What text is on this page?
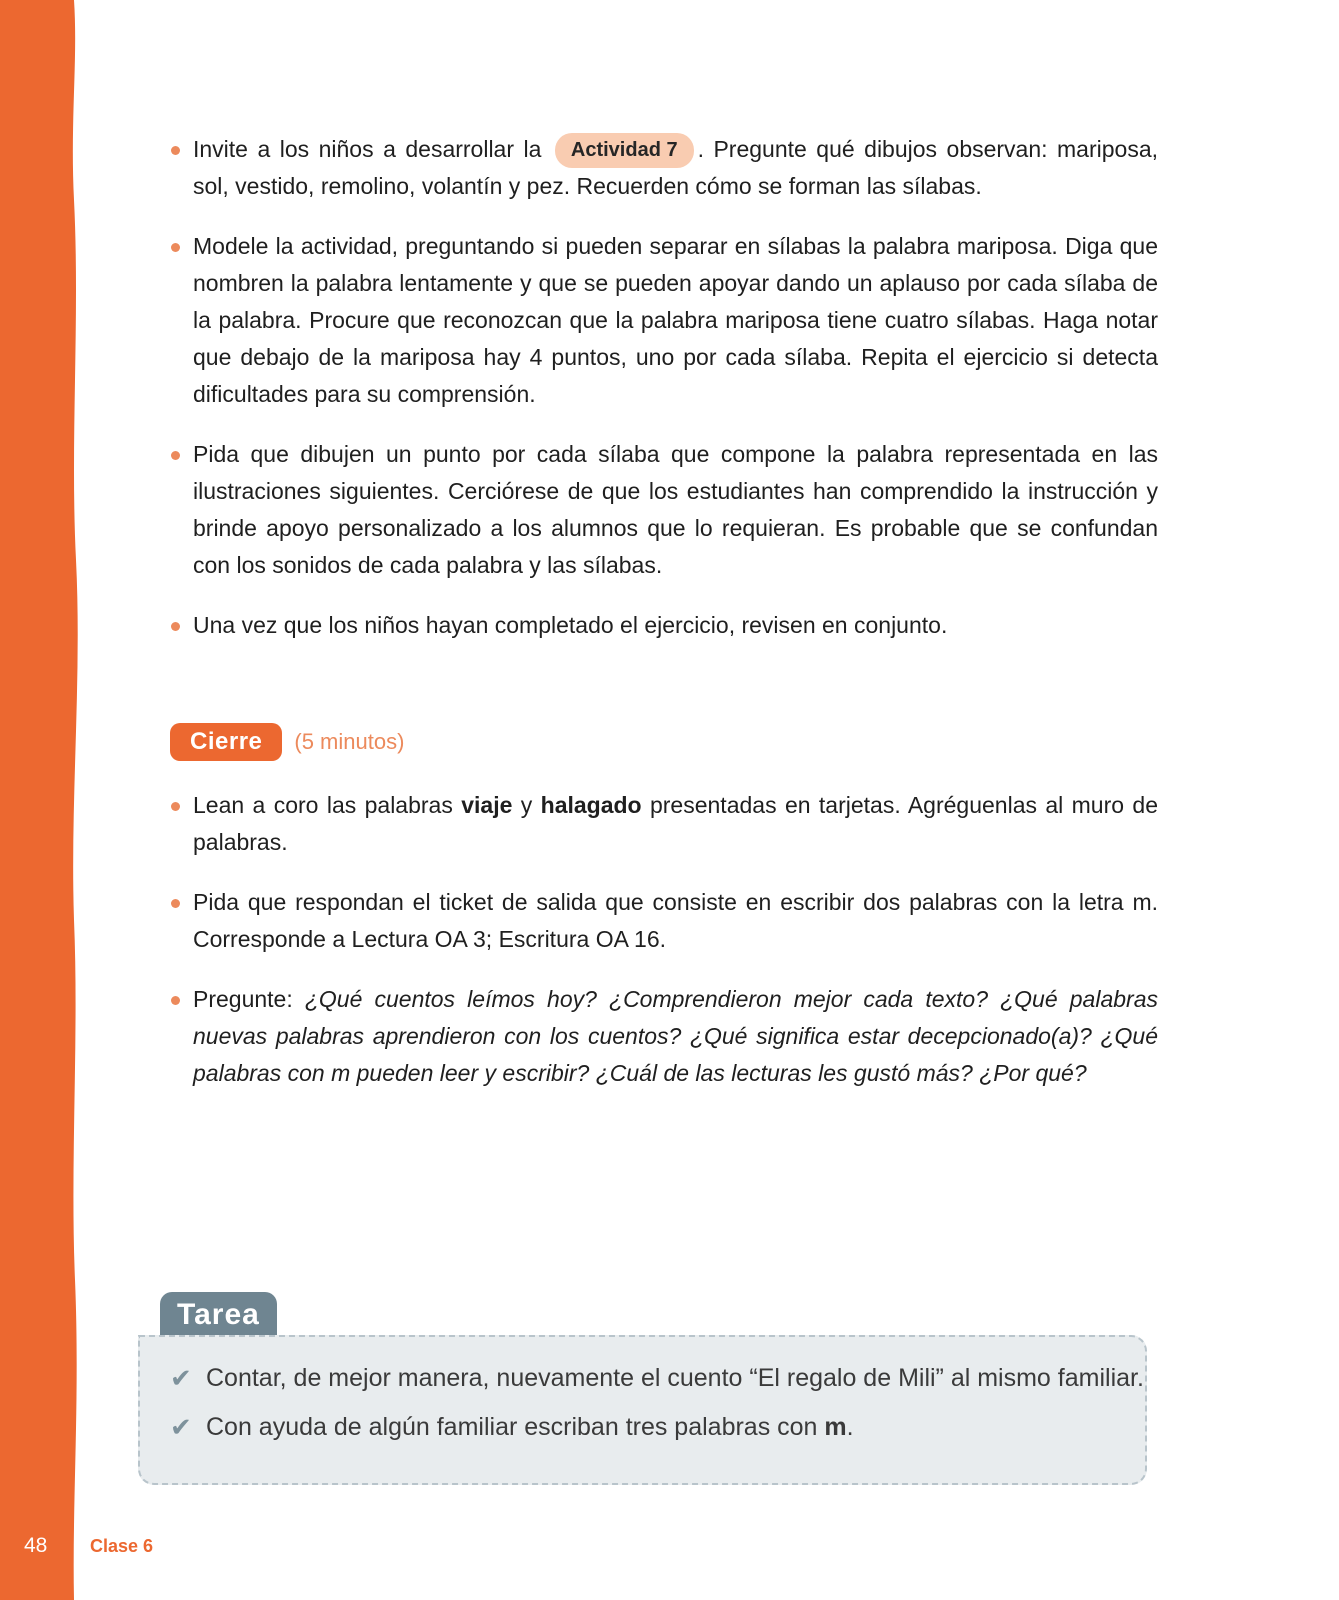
Invite a los niños a desarrollar la Actividad 7 . Pregunte qué dibujos observan: mariposa, sol, vestido, remolino, volantín y pez. Recuerden cómo se forman las sílabas.
Modele la actividad, preguntando si pueden separar en sílabas la palabra mariposa. Diga que nombren la palabra lentamente y que se pueden apoyar dando un aplauso por cada sílaba de la palabra. Procure que reconozcan que la palabra mariposa tiene cuatro sílabas. Haga notar que debajo de la mariposa hay 4 puntos, uno por cada sílaba. Repita el ejercicio si detecta dificultades para su comprensión.
Pida que dibujen un punto por cada sílaba que compone la palabra representada en las ilustraciones siguientes. Cerciórese de que los estudiantes han comprendido la instrucción y brinde apoyo personalizado a los alumnos que lo requieran. Es probable que se confundan con los sonidos de cada palabra y las sílabas.
Una vez que los niños hayan completado el ejercicio, revisen en conjunto.
Cierre	(5 minutos)
Lean a coro las palabras viaje y halagado presentadas en tarjetas. Agréguenlas al muro de palabras.
Pida que respondan el ticket de salida que consiste en escribir dos palabras con la letra m. Corresponde a Lectura OA 3; Escritura OA 16.
Pregunte: ¿Qué cuentos leímos hoy? ¿Comprendieron mejor cada texto? ¿Qué palabras nuevas palabras aprendieron con los cuentos? ¿Qué significa estar decepcionado(a)? ¿Qué palabras con m pueden leer y escribir? ¿Cuál de las lecturas les gustó más? ¿Por qué?
Tarea
✔ Contar, de mejor manera, nuevamente el cuento “El regalo de Mili” al mismo familiar.
✔ Con ayuda de algún familiar escriban tres palabras con
m .
48 Clase 6
